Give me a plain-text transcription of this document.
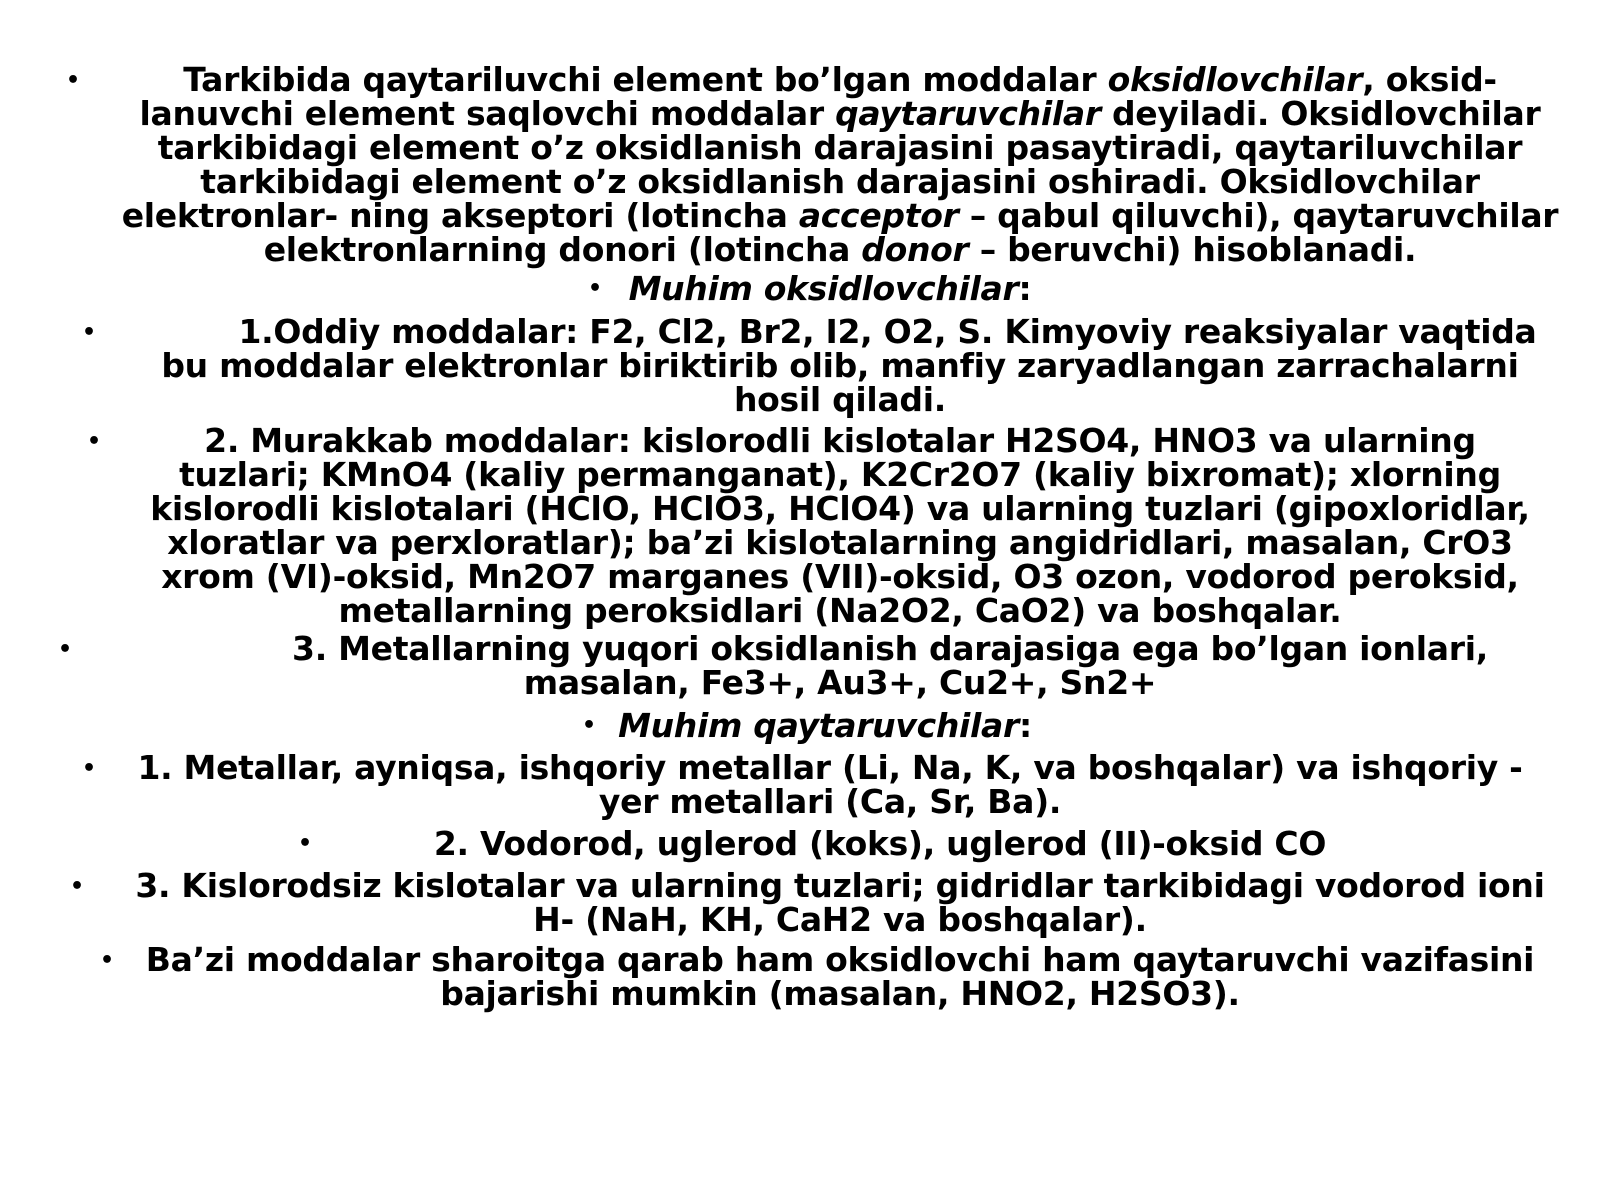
•	Tarkibida qaytariluvchi element bo’lgan moddalar oksidlovchilar, oksid-lanuvchi element saqlovchi moddalar qaytaruvchilar deyiladi. Oksidlovchilar tarkibidagi element o’z oksidlanish darajasini pasaytiradi, qaytariluvchilar tarkibidagi element o’z oksidlanish darajasini oshiradi. Oksidlovchilar elektronlar- ning akseptori (lotincha acceptor – qabul qiluvchi), qaytaruvchilar elektronlarning donori (lotincha donor – beruvchi) hisoblanadi.
• Muhim oksidlovchilar:
•	1.Oddiy moddalar: F2, Cl2, Br2, I2, O2, S. Kimyoviy reaksiyalar vaqtida bu moddalar elektronlar biriktirib olib, manfiy zaryadlangan zarrachalarni hosil qiladi.
•	2. Murakkab moddalar: kislorodli kislotalar H2SO4, HNO3 va ularning tuzlari; KMnO4 (kaliy permanganat), K2Cr2O7 (kaliy bixromat); xlorning kislorodli kislotalari (HClO, HClO3, HClO4) va ularning tuzlari (gipoxloridlar, xloratlar va perxloratlar); ba’zi kislotalarning angidridlari, masalan, CrO3 xrom (VI)-oksid, Mn2O7 marganes (VII)-oksid, O3 ozon, vodorod peroksid, metallarning peroksidlari (Na2O2, CaO2) va boshqalar.
•	3. Metallarning yuqori oksidlanish darajasiga ega bo’lgan ionlari, masalan, Fe3+, Au3+, Cu2+, Sn2+
• Muhim qaytaruvchilar:
• 1. Metallar, ayniqsa, ishqoriy metallar (Li, Na, K, va boshqalar) va ishqoriy - yer metallari (Ca, Sr, Ba).
•	2. Vodorod, uglerod (koks), uglerod (II)-oksid CO
•	3. Kislorodsiz kislotalar va ularning tuzlari; gidridlar tarkibidagi vodorod ioni H- (NaH, KH, CaH2 va boshqalar).
• Ba’zi moddalar sharoitga qarab ham oksidlovchi ham qaytaruvchi vazifasini bajarishi mumkin (masalan, HNO2, H2SO3).
